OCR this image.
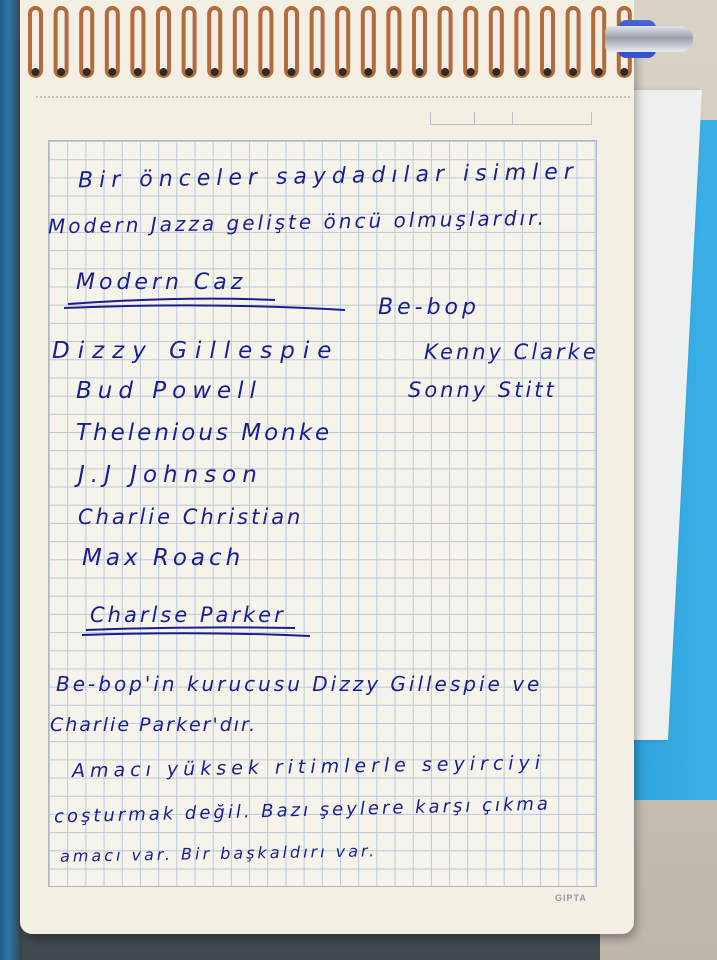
Bir önceler saydadılar isimler
Modern Jazza gelişte öncü olmuşlardır.
Modern Caz
Be-bop
Dizzy Gillespie
Bud Powell
Thelenious Monke
J.J Johnson
Charlie Christian
Max Roach
Kenny Clarke
Sonny Stitt
Charlse Parker
Be-bop'in kurucusu Dizzy Gillespie ve
Charlie Parker'dır.
Amacı yüksek ritimlerle seyirciyi
coşturmak değil. Bazı şeylere karşı çıkma
amacı var. Bir başkaldırı var.
GIPTA
